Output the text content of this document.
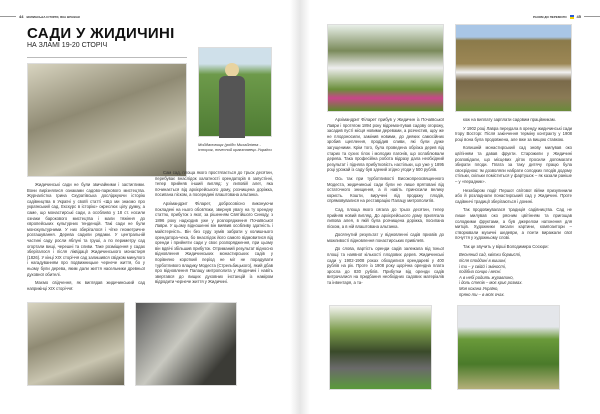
44 ВОЛИНСЬКА ІСТОРІЯ, ЯКА ВРАЖАЄ
САДИ У ЖИДИЧИНІ
НА ЗЛАМІ 19-20 СТОРІЧ
Мойдановиця (роїдо Михайлівна - історик, почесний краєзнавець України

Жидичинські сади не були звичайними і застиглими. Вони вирізнялися ознаками садово-паркового мистецтва. Журналістка Ірина Скуратівська досліджуючи історію садівництва в Україні у своїй статті «Що ми знаємо про український сад. Екскурс в історію» окреслює цілу думку, а саме, що монастирські сади, а особливо у 18 ст. носили ознаки барокового мистецтва і мали тяжіння до європейських культурних тенденцій. Такі сади не були монокультурними. У них зберігалося і чітке геометричне розташування. Дерева садили рядами. У центральній частині саду росли яблуні та груші, а по периметру сад огортали вищі, черешні та сливи. Таке розміщення у садах зберігалося і після ліквідації Жидичинського монастиря (1826). У кінці XIX сторіччя сад залишився свідком минулого і нагадуванням про подвижницьке чернече життя, бо у ньому були дерева, яким дали життя насельники древньої духовної обителі.

Маємо свідчення, як виглядав жидичинський сад наприкінці XIX сторіччя:

Сам сад, площа якого простягається до трьох десятин, перебуває внаслідок халатності орендаторів в запустінні, тепер прийняв інший вигляд: у липовій алеї, яка починається від архієрейського дому, розчищена доріжка, посипана піском, а посередині влаштована альтанка.

Архімандрит Філарет, добросовісно виконуючи покладені на нього обов'язки, звернув увагу на ту орендну статтю, прибуток з якої, за рішенням Святійшого Синоду, з 1896 року надходив уже у розпорядження Почаївської Лаври. У цьому відношенні він виявив особливу здатність і майстерність. Він без суду зумів забрати у колишнього орендатора-чеха, бо внаслідок його самого відмовитися від оренди і прийняти сади у своє розпорядження, при цьому він вдвічі збільшив прибуток. Отриманий результат відносно відновлення Жидичинських монастирських садів у порівняно короткий період не міг не порадувати турботливого владику Модеста (Стрельбицького), який дбав про відновлення Палацу митрополита у Жидичині і навіть звертався до вищих духовних інстанцій із наміром відродити чернече життя у Жидичині.

РАЗОМ ДО ПЕРЕМОГИ	45

Архімандрит Філарет прибув у Жидичин із Почаївської Лаври і протягом 1894 року відремонтував садову огорожу, засадив пусті місця новими деревами, а розчистив, щоу же не плодоносили, замінив новими, до деяких самосійних зробив щеплення, продідив сливи, які були дуже загущеними. Крім того, була проведена обрізка дерев від старих та сухих гілок і молодих пагонів, що ослаблювали дерева. Така професійна робота відразу дала необхідний результат і підняла прибутковість настільки, що уже у 1895 році урожай із саду був здений згідно угоди у 500 рублів.

Ось так при турботливості Високопреосвященного Модеста, жидичинські сади були не лише врятовані від остаточного знищення, а й навіть приносили велику користь. Кошти, виручені від продажу плодів, спрямовувалися на реставрацію Палацу митрополитів.

Сад, площа якого сягала до трьох десятин, тепер прийняв новий вигляд. До архієрейського дому прилягала липова алея, в якій була розчищена доріжка, посипана піском, а в ній влаштована альтанка.

Досягнутий результат у відновленні садів призвів до можливості відновлення понастирських привілеїв.

До слова, вартість оренди садів залежала від їхньої площі та наявної кількості плодових дерев. Жидичинські сади у 1902-1908 роках обходилися орендареві у 400 рублів на рік. Проте із 1908 року щорічна орендна плата зросла до 830 рублів. Прибутки від оренди садів витрачалися на придбання необхідних садових матеріалів та інвентаря, а та-

кож на виплату зарплати садовим працівникам.

У 1902 році Лавра передала в оренду жидичинські сади їгору Восторг. Після закінчення терміну контракту у 1908 році вона була продовжена, але вже за вищою ставкою.

Колишній монастирський сад знову милував око цвітінням та давав фрукти. Старожили у Жидичині розповідали, що місцевих діток просили допомагати збирати плоди. Плата за таку дитячу працю була своєрідною: їм дозволяли набрати солодких плодів додому стільки, скільки поміститься у фартушок – як казали раніше – у «перадник».

Незабаром події Першої світової війни призупинили або й розладнали понастирський сад у Жидичині. Проте садівничі традиції зберігаються і донині.

Так продовжувалася традиція садівництва. Сад не лише милував око рясним цвітінням та пригощав солодкими фруктами, а був джерелом натхнення для митців. Художники писали картини, композитори – створювали музичні шедеври, а поети виражали свої почуття у художньому слові.

Так це звучить у вірші Володимира Сосюри:

Весняний сад, квітки борвисті,
після плоддині в вишині,
і ти – у свійй і зміності,
подібна сонцю і весні.
А в небі родить журавлино,
і доль степів – моє криє розмах.
Моя кохана Україно,
пряно ти – в моїх очах.
